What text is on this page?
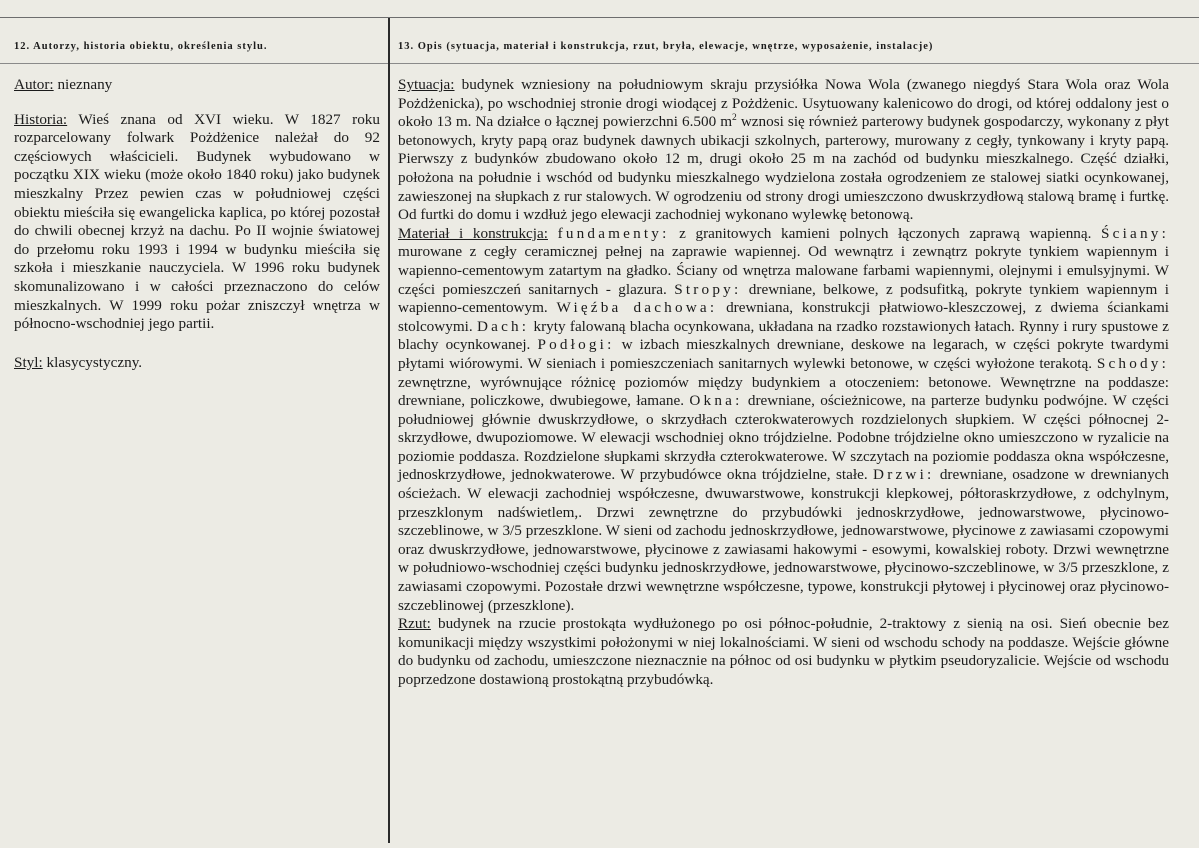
12. Autorzy, historia obiektu, określenia stylu.	13. Opis (sytuacja, materiał i konstrukcja, rzut, bryła, elewacje, wnętrze, wyposażenie, instalacje)

Autor: nieznany

Historia: Wieś znana od XVI wieku. W 1827 roku rozparcelowany folwark Pożdżenice należał do 92 częściowych właścicieli. Budynek wybudowano w początku XIX wieku (może około 1840 roku) jako budynek mieszkalny Przez pewien czas w południowej części obiektu mieściła się ewangelicka kaplica, po której pozostał do chwili obecnej krzyż na dachu. Po II wojnie światowej do przełomu roku 1993 i 1994 w budynku mieściła się szkoła i mieszkanie nauczyciela. W 1996 roku budynek skomunalizowano i w całości przeznaczono do celów mieszkalnych. W 1999 roku pożar zniszczył wnętrza w północno-wschodniej jego partii.

Styl: klasycystyczny.

Sytuacja: budynek wzniesiony na południowym skraju przysiółka Nowa Wola (zwanego niegdyś Stara Wola oraz Wola Pożdżenicka), po wschodniej stronie drogi wiodącej z Pożdżenic. Usytuowany kalenicowo do drogi, od której oddalony jest o około 13 m. Na działce o łącznej powierzchni 6.500 $m^2$ wznosi się również parterowy budynek gospodarczy, wykonany z płyt betonowych, kryty papą oraz budynek dawnych ubikacji szkolnych, parterowy, murowany z cegły, tynkowany i kryty papą. Pierwszy z budynków zbudowano około 12 m, drugi około 25 m na zachód od budynku mieszkalnego. Część działki, położona na południe i wschód od budynku mieszkalnego wydzielona została ogrodzeniem ze stalowej siatki ocynkowanej, zawieszonej na słupkach z rur stalowych. W ogrodzeniu od strony drogi umieszczono dwuskrzydłową stalową bramę i furtkę. Od furtki do domu i wzdłuż jego elewacji zachodniej wykonano wylewkę betonową.

Materiał i konstrukcja: fundamenty: z granitowych kamieni polnych łączonych zaprawą wapienną. Ściany: murowane z cegły ceramicznej pełnej na zaprawie wapiennej. Od wewnątrz i zewnątrz pokryte tynkiem wapiennym i wapienno-cementowym zatartym na gładko. Ściany od wnętrza malowane farbami wapiennymi, olejnymi i emulsyjnymi. W części pomieszczeń sanitarnych - glazura. Stropy: drewniane, belkowe, z podsufitką, pokryte tynkiem wapiennym i wapienno-cementowym. Więźba dachowa: drewniana, konstrukcji płatwiowo-kleszczowej, z dwiema ściankami stolcowymi. Dach: kryty falowaną blacha ocynkowana, układana na rzadko rozstawionych łatach. Rynny i rury spustowe z blachy ocynkowanej. Podłogi: w izbach mieszkalnych drewniane, deskowe na legarach, w części pokryte twardymi płytami wiórowymi. W sieniach i pomieszczeniach sanitarnych wylewki betonowe, w części wyłożone terakotą. Schody: zewnętrzne, wyrównujące różnicę poziomów między budynkiem a otoczeniem: betonowe. Wewnętrzne na poddasze: drewniane, policzkowe, dwubiegowe, łamane. Okna: drewniane, ościeżnicowe, na parterze budynku podwójne. W części południowej głównie dwuskrzydłowe, o skrzydłach czterokwaterowych rozdzielonych słupkiem. W części północnej 2-skrzydłowe, dwupoziomowe. W elewacji wschodniej okno trójdzielne. Podobne trójdzielne okno umieszczono w ryzalicie na poziomie poddasza. Rozdzielone słupkami skrzydła czterokwaterowe. W szczytach na poziomie poddasza okna współczesne, jednoskrzydłowe, jednokwaterowe. W przybudówce okna trójdzielne, stałe. Drzwi: drewniane, osadzone w drewnianych ościeżach. W elewacji zachodniej współczesne, dwuwarstwowe, konstrukcji klepkowej, półtoraskrzydłowe, z odchylnym, przeszklonym nadświetlem,. Drzwi zewnętrzne do przybudówki jednoskrzydłowe, jednowarstwowe, płycinowo-szczeblinowe, w 3/5 przeszklone. W sieni od zachodu jednoskrzydłowe, jednowarstwowe, płycinowe z zawiasami czopowymi oraz dwuskrzydłowe, jednowarstwowe, płycinowe z zawiasami hakowymi - esowymi, kowalskiej roboty. Drzwi wewnętrzne w południowo-wschodniej części budynku jednoskrzydłowe, jednowarstwowe, płycinowo-szczeblinowe, w 3/5 przeszklone, z zawiasami czopowymi. Pozostałe drzwi wewnętrzne współczesne, typowe, konstrukcji płytowej i płycinowej oraz płycinowo-szczeblinowej (przeszklone).

Rzut: budynek na rzucie prostokąta wydłużonego po osi północ-południe, 2-traktowy z sienią na osi. Sień obecnie bez komunikacji między wszystkimi położonymi w niej lokalnościami. W sieni od wschodu schody na poddasze. Wejście główne do budynku od zachodu, umieszczone nieznacznie na północ od osi budynku w płytkim pseudoryzalicie. Wejście od wschodu poprzedzone dostawioną prostokątną przybudówką.
